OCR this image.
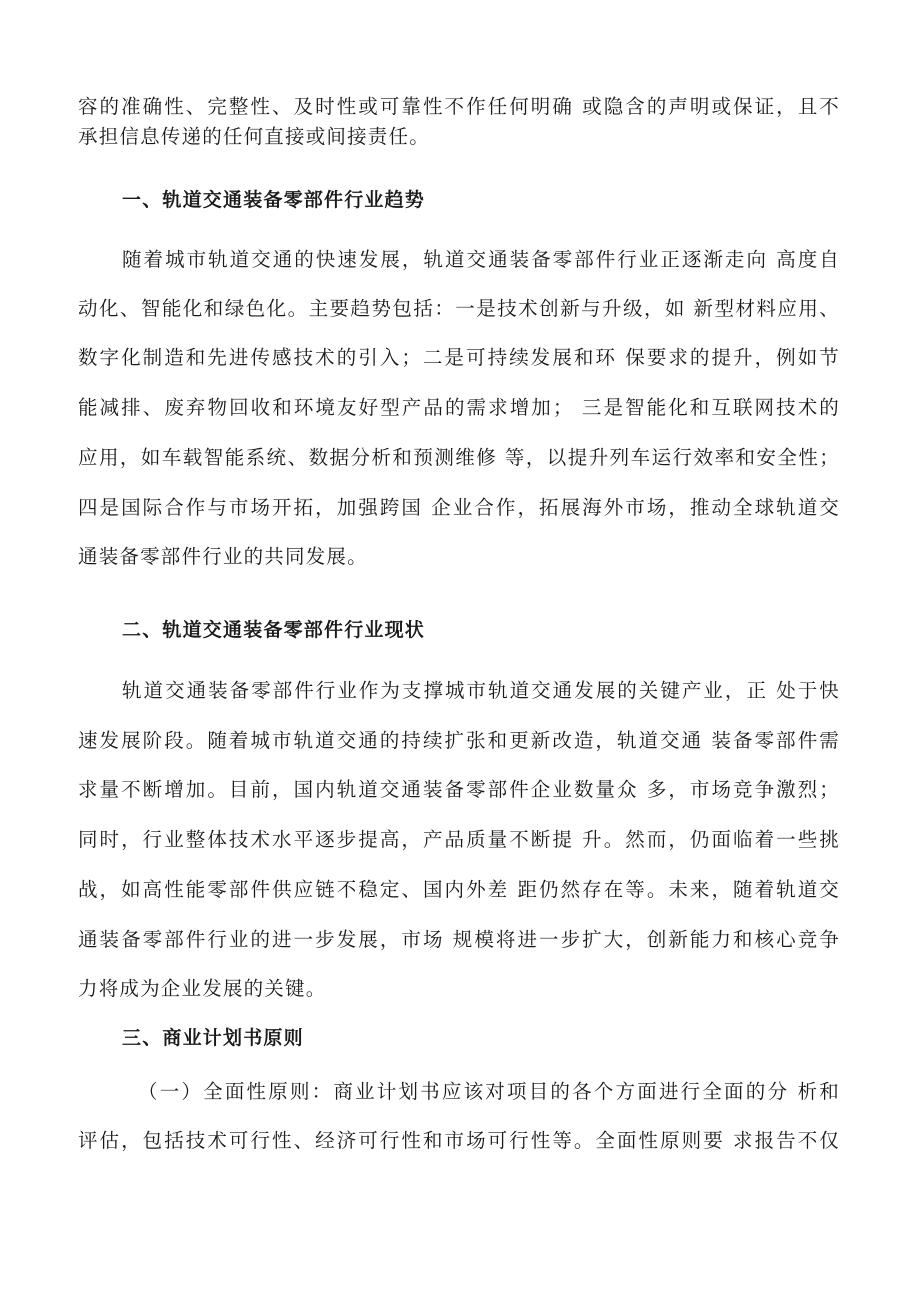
容的准确性、完整性、及时性或可靠性不作任何明确 或隐含的声明或保证，且不
承担信息传递的任何直接或间接责任。
一、轨道交通装备零部件行业趋势
随着城市轨道交通的快速发展，轨道交通装备零部件行业正逐渐走向 高度自
动化、智能化和绿色化。主要趋势包括：一是技术创新与升级，如 新型材料应用、
数字化制造和先进传感技术的引入；二是可持续发展和环 保要求的提升，例如节
能减排、废弃物回收和环境友好型产品的需求增加； 三是智能化和互联网技术的
应用，如车载智能系统、数据分析和预测维修 等，以提升列车运行效率和安全性；
四是国际合作与市场开拓，加强跨国 企业合作，拓展海外市场，推动全球轨道交
通装备零部件行业的共同发展。
二、轨道交通装备零部件行业现状
轨道交通装备零部件行业作为支撑城市轨道交通发展的关键产业，正 处于快
速发展阶段。随着城市轨道交通的持续扩张和更新改造，轨道交通 装备零部件需
求量不断增加。目前，国内轨道交通装备零部件企业数量众 多，市场竞争激烈；
同时，行业整体技术水平逐步提高，产品质量不断提 升。然而，仍面临着一些挑
战，如高性能零部件供应链不稳定、国内外差 距仍然存在等。未来，随着轨道交
通装备零部件行业的进一步发展，市场 规模将进一步扩大，创新能力和核心竞争
力将成为企业发展的关键。
三、商业计划书原则
（一）全面性原则：商业计划书应该对项目的各个方面进行全面的分 析和
评估，包括技术可行性、经济可行性和市场可行性等。全面性原则要 求报告不仅
